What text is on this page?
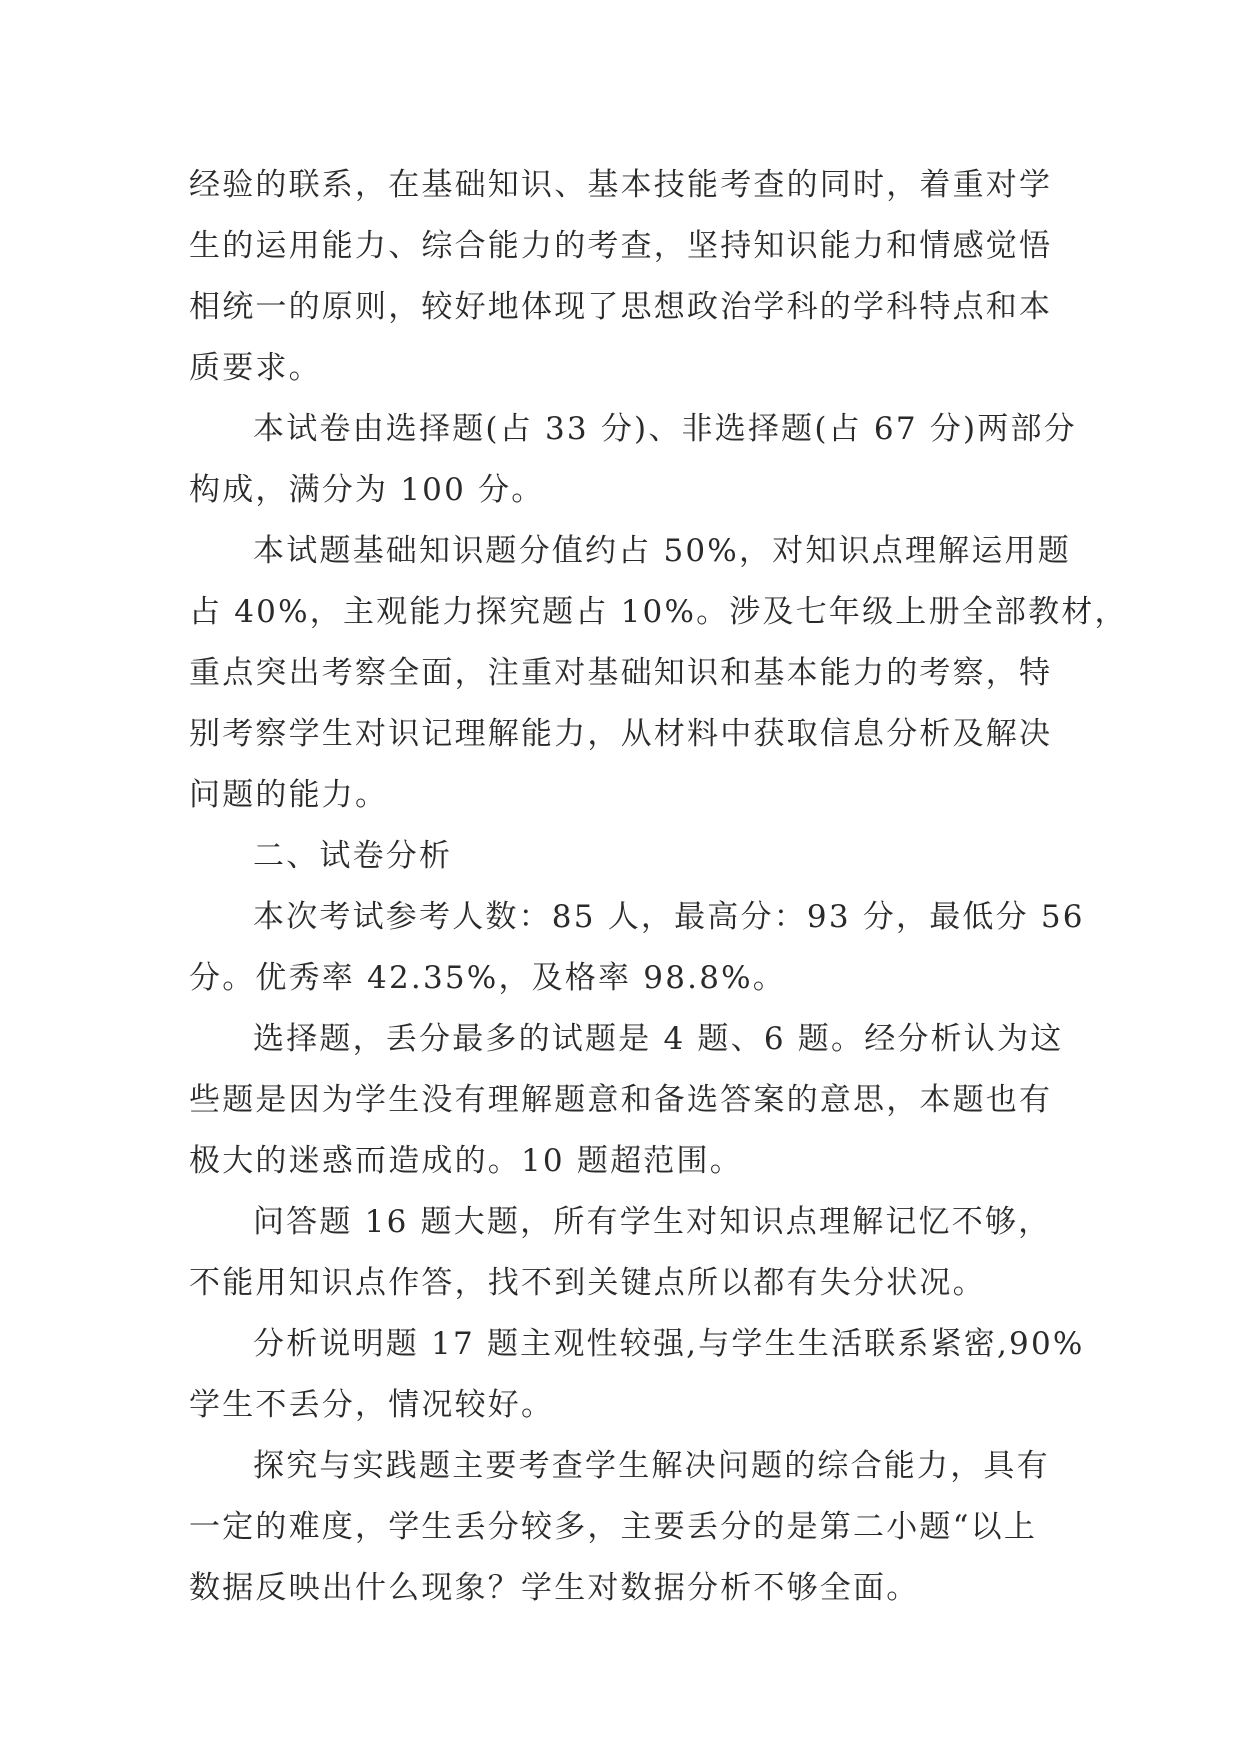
经验的联系，在基础知识、基本技能考查的同时，着重对学
生的运用能力、综合能力的考查，坚持知识能力和情感觉悟
相统一的原则，较好地体现了思想政治学科的学科特点和本
质要求。
本试卷由选择题(占 33 分)、非选择题(占 67 分)两部分
构成，满分为 100 分。
本试题基础知识题分值约占 50%，对知识点理解运用题
占 40%，主观能力探究题占 10%。涉及七年级上册全部教材，
重点突出考察全面，注重对基础知识和基本能力的考察，特
别考察学生对识记理解能力，从材料中获取信息分析及解决
问题的能力。
二、试卷分析
本次考试参考人数：85 人，最高分：93 分，最低分 56
分。优秀率 42.35%，及格率 98.8%。
选择题，丢分最多的试题是 4 题、6 题。经分析认为这
些题是因为学生没有理解题意和备选答案的意思，本题也有
极大的迷惑而造成的。10 题超范围。
问答题 16 题大题，所有学生对知识点理解记忆不够，
不能用知识点作答，找不到关键点所以都有失分状况。
分析说明题 17 题主观性较强,与学生生活联系紧密,90%
学生不丢分，情况较好。
探究与实践题主要考查学生解决问题的综合能力，具有
一定的难度，学生丢分较多，主要丢分的是第二小题“以上
数据反映出什么现象？学生对数据分析不够全面。
